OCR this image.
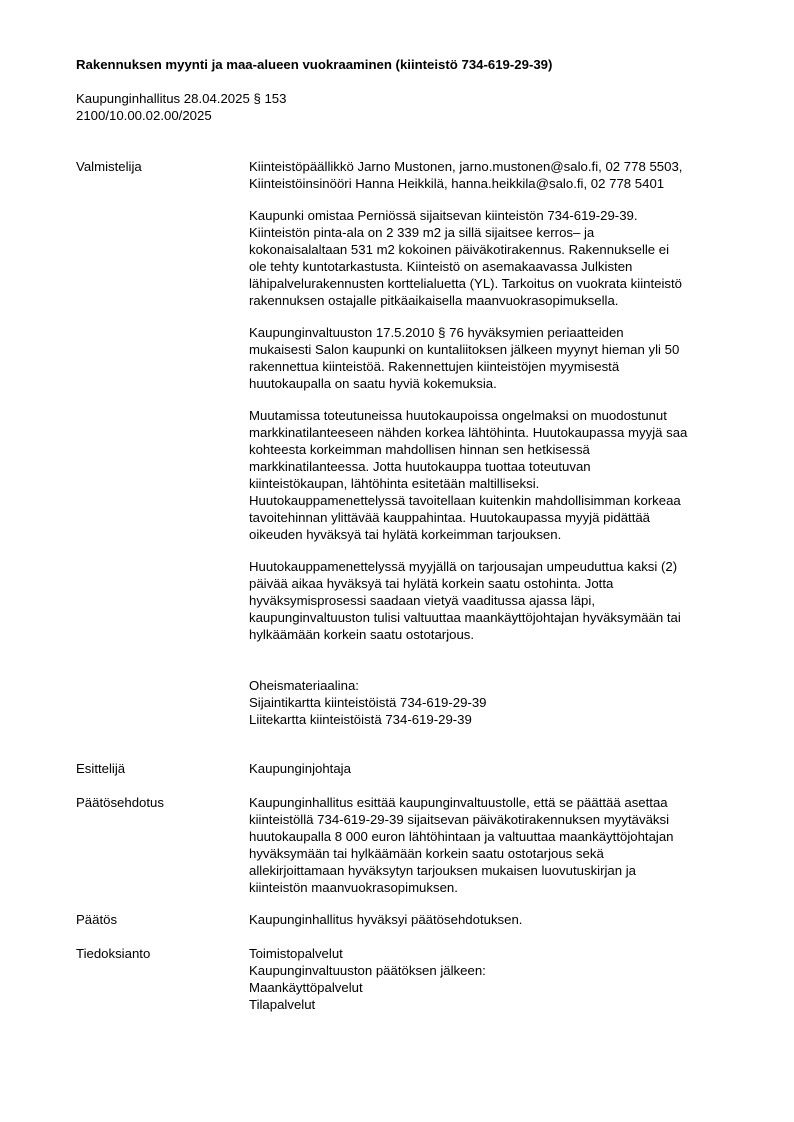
Rakennuksen myynti ja maa-alueen vuokraaminen (kiinteistö 734-619-29-39)
Kaupunginhallitus 28.04.2025 § 153
2100/10.00.02.00/2025
Valmistelija	Kiinteistöpäällikkö Jarno Mustonen, jarno.mustonen@salo.fi, 02 778 5503,
Kiinteistöinsinööri Hanna Heikkilä, hanna.heikkila@salo.fi, 02 778 5401
Kaupunki omistaa Perniössä sijaitsevan kiinteistön 734-619-29-39.
Kiinteistön pinta-ala on 2 339 m2 ja sillä sijaitsee kerros– ja
kokonaisalaltaan 531 m2 kokoinen päiväkotirakennus. Rakennukselle ei
ole tehty kuntotarkastusta. Kiinteistö on asemakaavassa Julkisten
lähipalvelurakennusten korttelialuetta (YL). Tarkoitus on vuokrata kiinteistö
rakennuksen ostajalle pitkäaikaisella maanvuokrasopimuksella.
Kaupunginvaltuuston 17.5.2010 § 76 hyväksymien periaatteiden
mukaisesti Salon kaupunki on kuntaliitoksen jälkeen myynyt hieman yli 50
rakennettua kiinteistöä. Rakennettujen kiinteistöjen myymisestä
huutokaupalla on saatu hyviä kokemuksia.
Muutamissa toteutuneissa huutokaupoissa ongelmaksi on muodostunut
markkinatilanteeseen nähden korkea lähtöhinta. Huutokaupassa myyjä saa
kohteesta korkeimman mahdollisen hinnan sen hetkisessä
markkinatilanteessa. Jotta huutokauppa tuottaa toteutuvan
kiinteistökaupan, lähtöhinta esitetään maltilliseksi.
Huutokauppamenettelyssä tavoitellaan kuitenkin mahdollisimman korkeaa
tavoitehinnan ylittävää kauppahintaa. Huutokaupassa myyjä pidättää
oikeuden hyväksyä tai hylätä korkeimman tarjouksen.
Huutokauppamenettelyssä myyjällä on tarjousajan umpeuduttua kaksi (2)
päivää aikaa hyväksyä tai hylätä korkein saatu ostohinta. Jotta
hyväksymisprosessi saadaan vietyä vaaditussa ajassa läpi,
kaupunginvaltuuston tulisi valtuuttaa maankäyttöjohtajan hyväksymään tai
hylkäämään korkein saatu ostotarjous.
Oheismateriaalina:
Sijaintikartta kiinteistöistä 734-619-29-39
Liitekartta kiinteistöistä 734-619-29-39
Esittelijä	Kaupunginjohtaja
Päätösehdotus	Kaupunginhallitus esittää kaupunginvaltuustolle, että se päättää asettaa
kiinteistöllä 734-619-29-39 sijaitsevan päiväkotirakennuksen myytäväksi
huutokaupalla 8 000 euron lähtöhintaan ja valtuuttaa maankäyttöjohtajan
hyväksymään tai hylkäämään korkein saatu ostotarjous sekä
allekirjoittamaan hyväksytyn tarjouksen mukaisen luovutuskirjan ja
kiinteistön maanvuokrasopimuksen.
Päätös	Kaupunginhallitus hyväksyi päätösehdotuksen.
Tiedoksianto	Toimistopalvelut
Kaupunginvaltuuston päätöksen jälkeen:
Maankäyttöpalvelut
Tilapalvelut
